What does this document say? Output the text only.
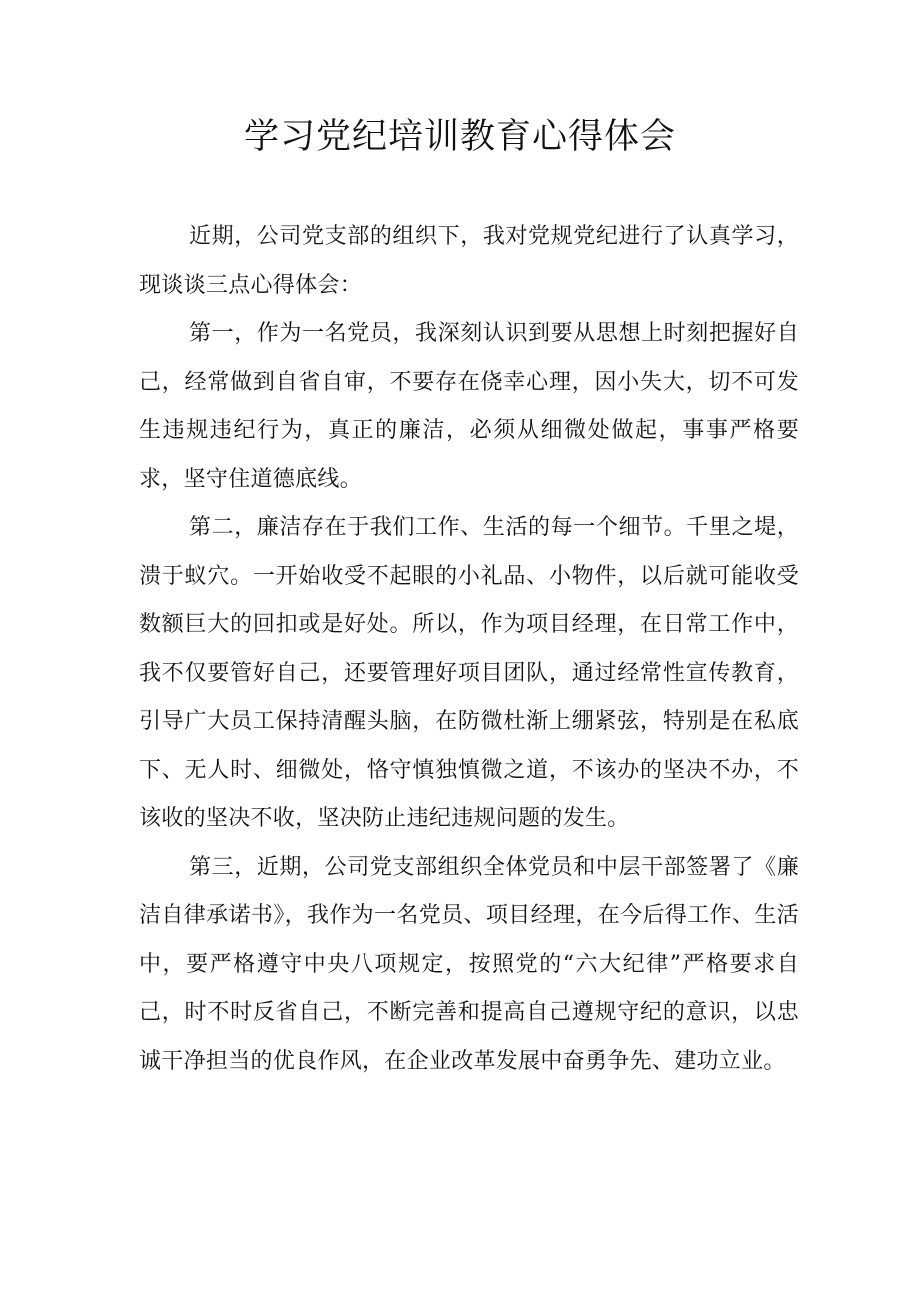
学习党纪培训教育心得体会

近期，公司党支部的组织下，我对党规党纪进行了认真学习，现谈谈三点心得体会：

第一，作为一名党员，我深刻认识到要从思想上时刻把握好自己，经常做到自省自审，不要存在侥幸心理，因小失大，切不可发生违规违纪行为，真正的廉洁，必须从细微处做起，事事严格要求，坚守住道德底线。

第二，廉洁存在于我们工作、生活的每一个细节。千里之堤，溃于蚁穴。一开始收受不起眼的小礼品、小物件，以后就可能收受数额巨大的回扣或是好处。所以，作为项目经理，在日常工作中，我不仅要管好自己，还要管理好项目团队，通过经常性宣传教育，引导广大员工保持清醒头脑，在防微杜渐上绷紧弦，特别是在私底下、无人时、细微处，恪守慎独慎微之道，不该办的坚决不办，不该收的坚决不收，坚决防止违纪违规问题的发生。

第三，近期，公司党支部组织全体党员和中层干部签署了《廉洁自律承诺书》，我作为一名党员、项目经理，在今后得工作、生活中，要严格遵守中央八项规定，按照党的“六大纪律”严格要求自己，时不时反省自己，不断完善和提高自己遵规守纪的意识，以忠诚干净担当的优良作风，在企业改革发展中奋勇争先、建功立业。
